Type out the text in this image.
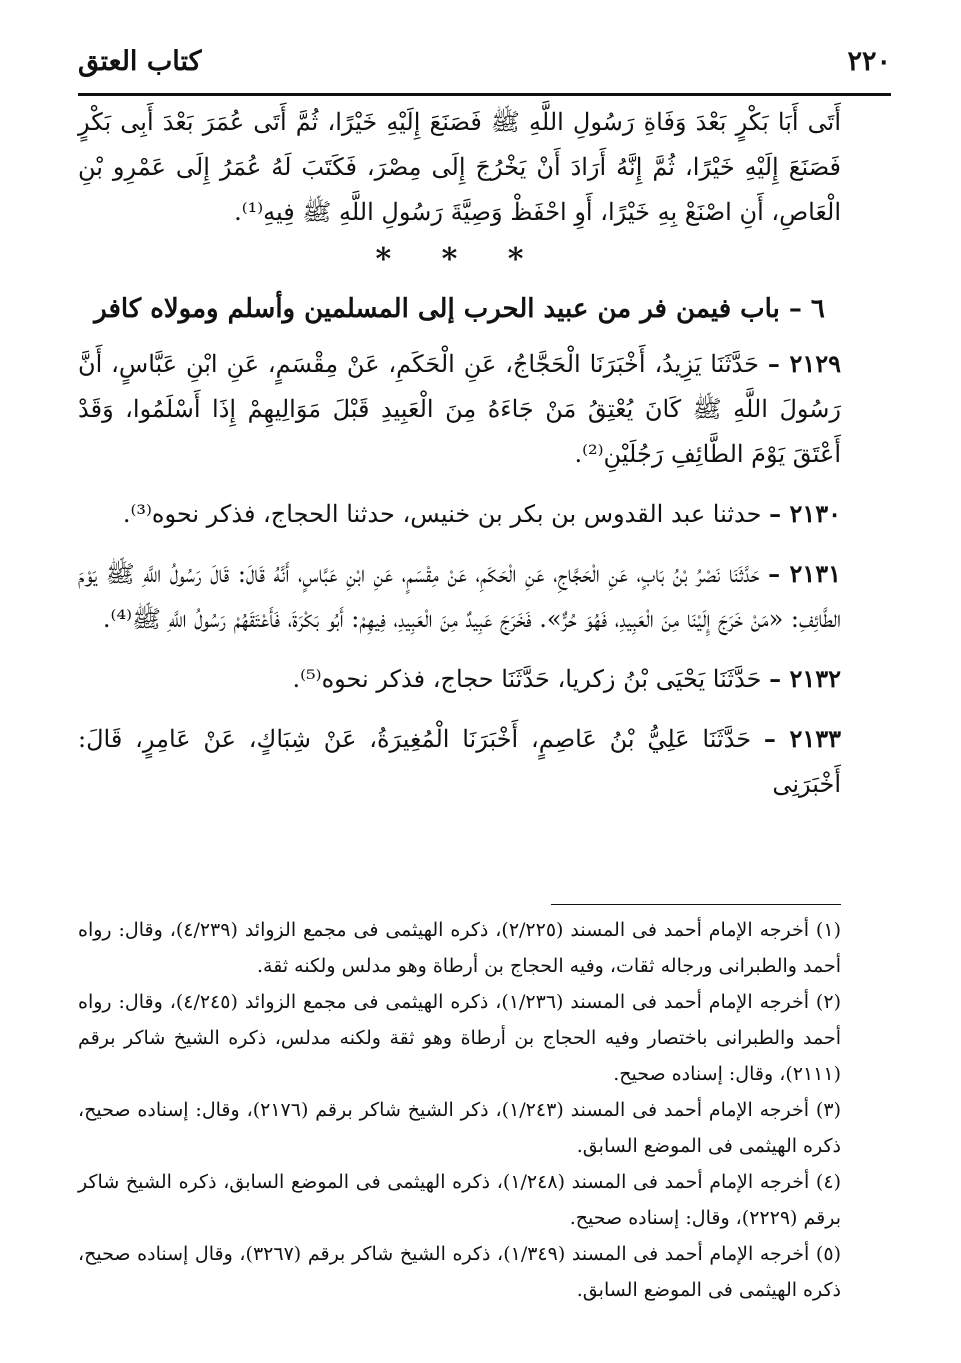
٢٢٠
كتاب العتق

أَتَى أَبَا بَكْرٍ بَعْدَ وَفَاةِ رَسُولِ اللَّهِ ﷺ فَصَنَعَ إِلَيْهِ خَيْرًا، ثُمَّ أَتَى عُمَرَ بَعْدَ أَبِى بَكْرٍ فَصَنَعَ إِلَيْهِ خَيْرًا، ثُمَّ إِنَّهُ أَرَادَ أَنْ يَخْرُجَ إِلَى مِصْرَ، فَكَتَبَ لَهُ عُمَرُ إِلَى عَمْرِو بْنِ الْعَاصِ، أَنِ اصْنَعْ بِهِ خَيْرًا، أَوِ احْفَظْ وَصِيَّةَ رَسُولِ اللَّهِ ﷺ فِيهِ⁽¹⁾.

* * *
٦ – باب فيمن فر من عبيد الحرب إلى المسلمين وأسلم ومولاه كافر

٢١٢٩ – حَدَّثَنَا يَزِيدُ، أَخْبَرَنَا الْحَجَّاجُ، عَنِ الْحَكَمِ، عَنْ مِقْسَمٍ، عَنِ ابْنِ عَبَّاسٍ، أَنَّ رَسُولَ اللَّهِ ﷺ كَانَ يُعْتِقُ مَنْ جَاءَهُ مِنَ الْعَبِيدِ قَبْلَ مَوَالِيهِمْ إِذَا أَسْلَمُوا، وَقَدْ أَعْتَقَ يَوْمَ الطَّائِفِ رَجُلَيْنِ⁽²⁾.

٢١٣٠ – حدثنا عبد القدوس بن بكر بن خنيس، حدثنا الحجاج، فذكر نحوه⁽³⁾.

٢١٣١ – حَدَّثَنَا نَصْرُ بْنُ بَابٍ، عَنِ الْحَجَّاجِ، عَنِ الْحَكَمِ، عَنْ مِقْسَمٍ، عَنِ ابْنِ عَبَّاسٍ، أَنَّهُ قَالَ: قَالَ رَسُولُ اللَّهِ ﷺ يَوْمَ الطَّائِفِ: «مَنْ خَرَجَ إِلَيْنَا مِنَ الْعَبِيدِ، فَهُوَ حُرٌّ». فَخَرَجَ عَبِيدٌ مِنَ الْعَبِيدِ، فِيهِمْ: أَبُو بَكْرَةَ، فَأَعْتَقَهُمْ رَسُولُ اللَّهِ ﷺ⁽⁴⁾.

٢١٣٢ – حَدَّثَنَا يَحْيَى بْنُ زكريا، حَدَّثَنَا حجاج، فذكر نحوه⁽⁵⁾.

٢١٣٣ – حَدَّثَنَا عَلِيُّ بْنُ عَاصِمٍ، أَخْبَرَنَا الْمُغِيرَةُ، عَنْ شِبَاكٍ، عَنْ عَامِرٍ، قَالَ: أَخْبَرَنِى

(١) أخرجه الإمام أحمد فى المسند (٢/٢٢٥)، ذكره الهيثمى فى مجمع الزوائد (٤/٢٣٩)، وقال: رواه أحمد والطبرانى ورجاله ثقات، وفيه الحجاج بن أرطاة وهو مدلس ولكنه ثقة.

(٢) أخرجه الإمام أحمد فى المسند (١/٢٣٦)، ذكره الهيثمى فى مجمع الزوائد (٤/٢٤٥)، وقال: رواه أحمد والطبرانى باختصار وفيه الحجاج بن أرطاة وهو ثقة ولكنه مدلس، ذكره الشيخ شاكر برقم (٢١١١)، وقال: إسناده صحيح.

(٣) أخرجه الإمام أحمد فى المسند (١/٢٤٣)، ذكر الشيخ شاكر برقم (٢١٧٦)، وقال: إسناده صحيح، ذكره الهيثمى فى الموضع السابق.

(٤) أخرجه الإمام أحمد فى المسند (١/٢٤٨)، ذكره الهيثمى فى الموضع السابق، ذكره الشيخ شاكر برقم (٢٢٢٩)، وقال: إسناده صحيح.

(٥) أخرجه الإمام أحمد فى المسند (١/٣٤٩)، ذكره الشيخ شاكر برقم (٣٢٦٧)، وقال إسناده صحيح، ذكره الهيثمى فى الموضع السابق.
